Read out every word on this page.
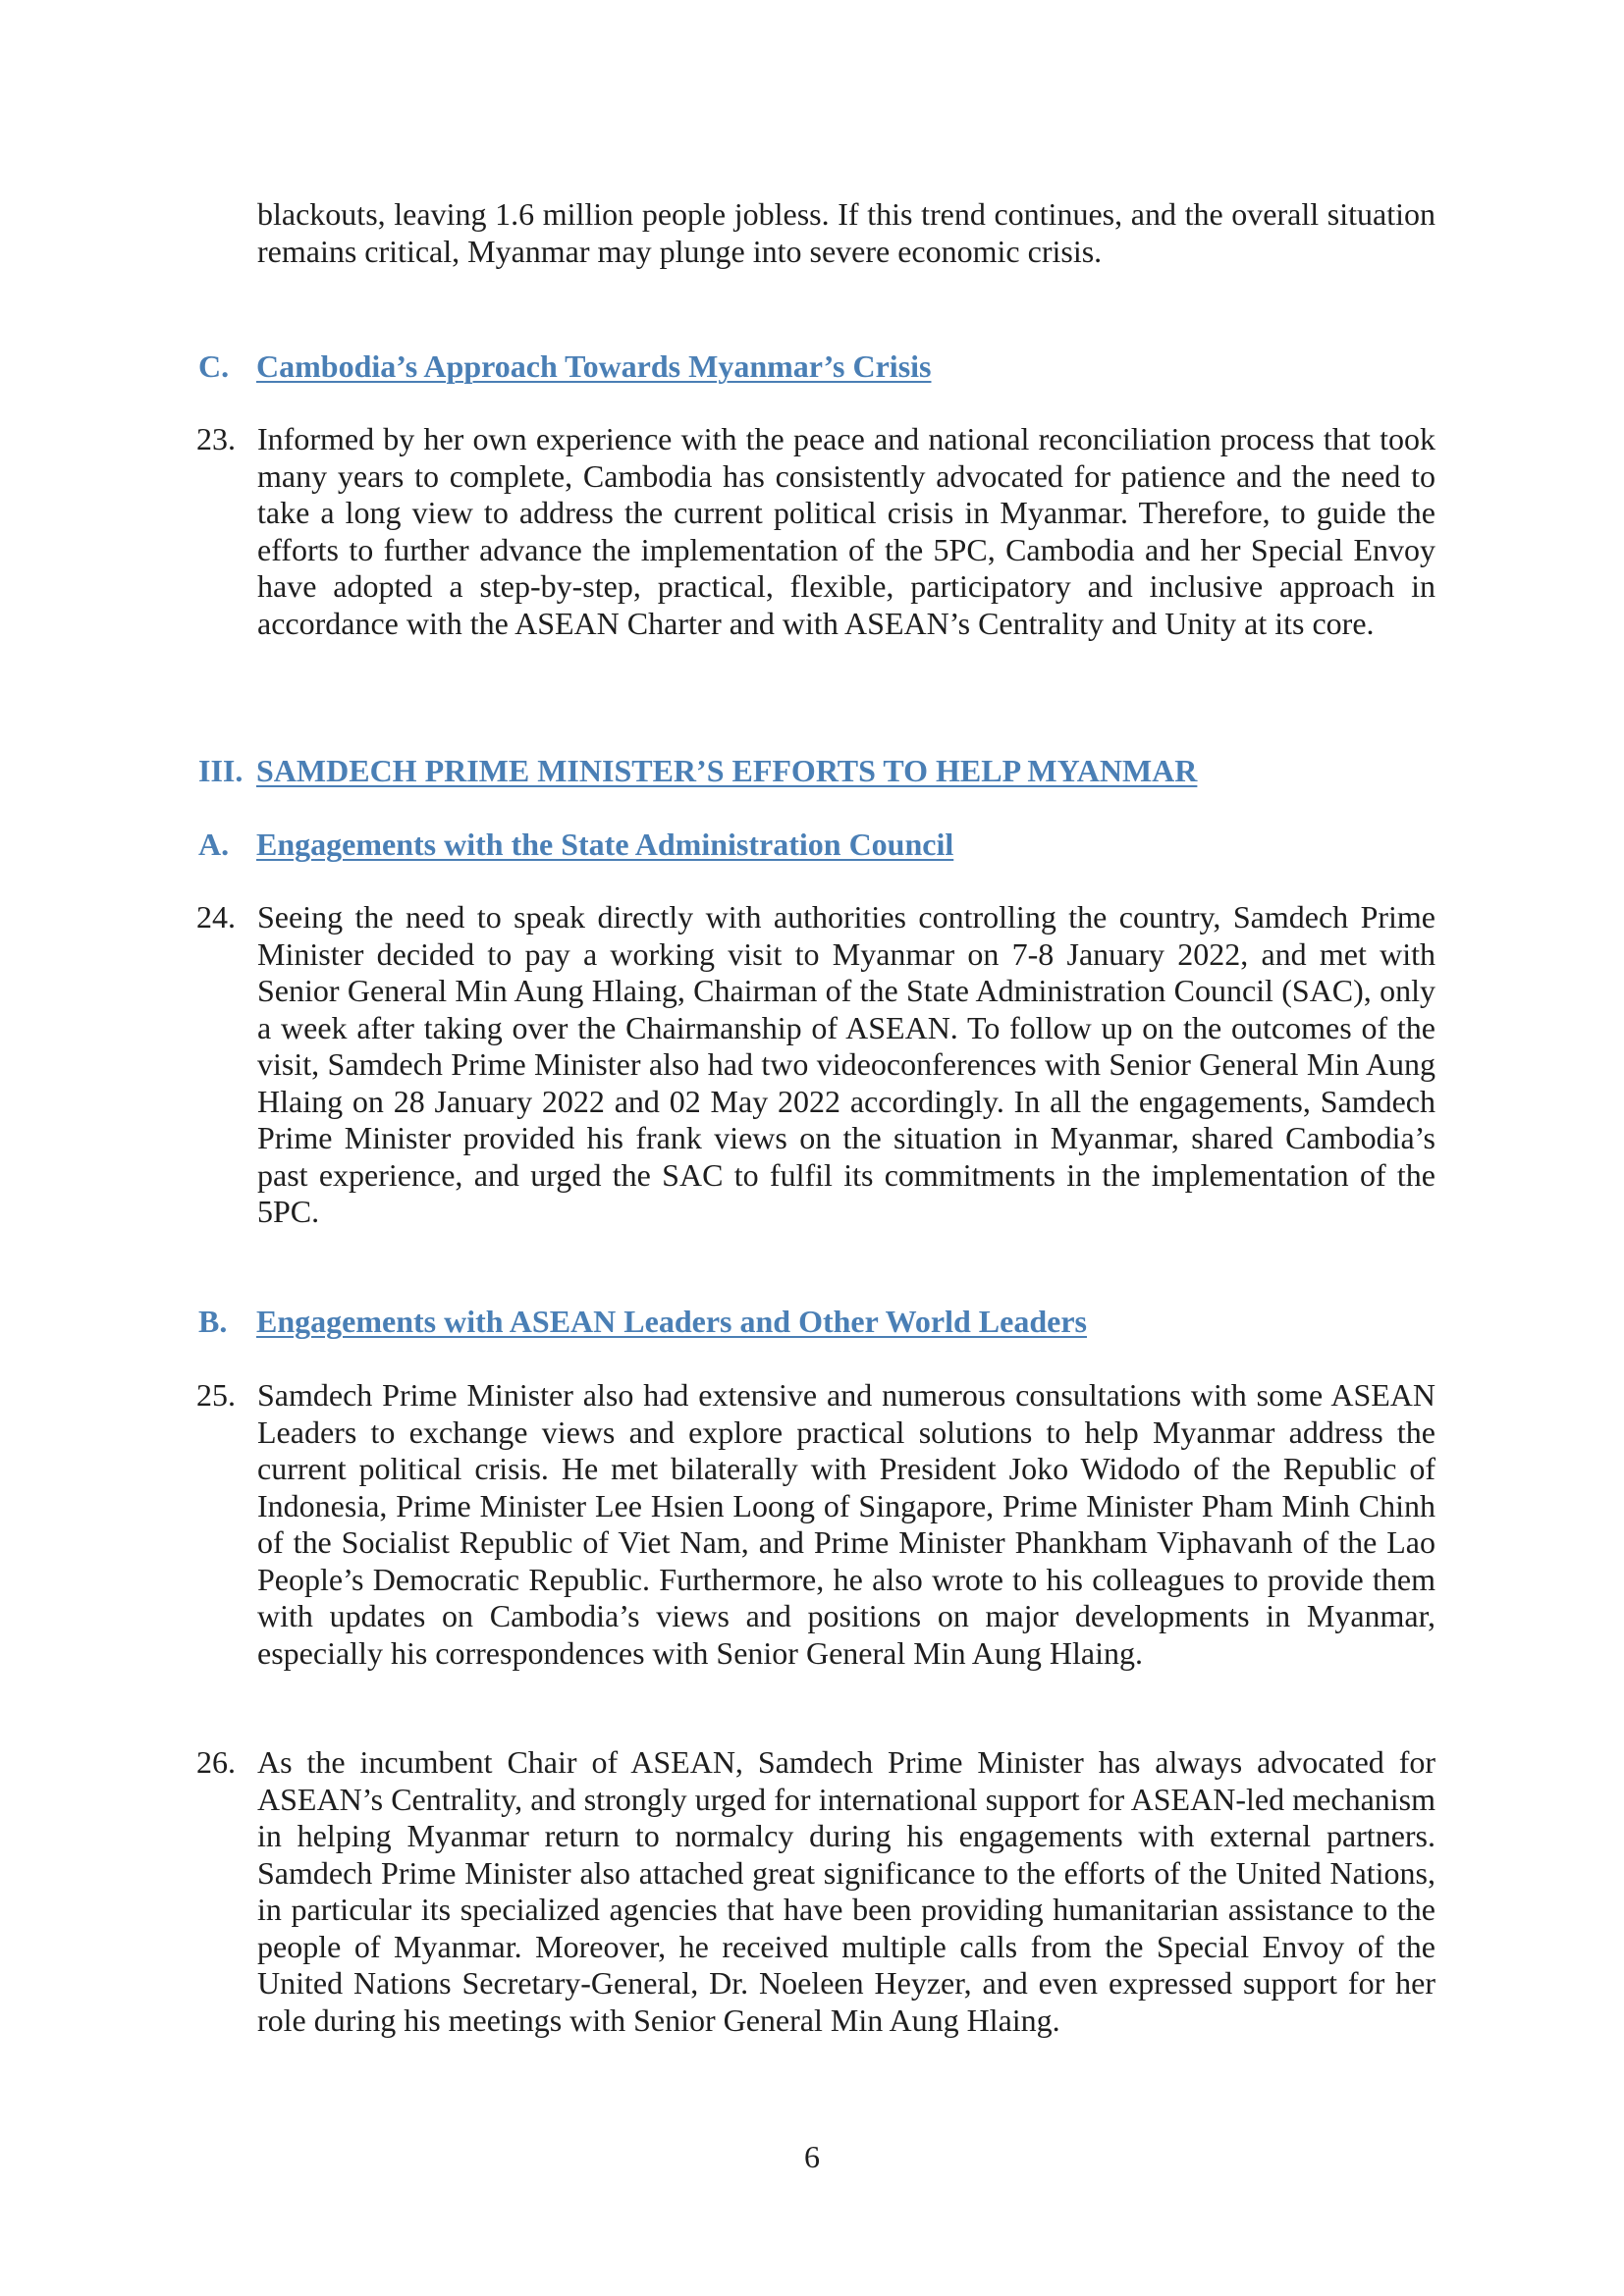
blackouts, leaving 1.6 million people jobless. If this trend continues, and the overall situation remains critical, Myanmar may plunge into severe economic crisis.

C. Cambodia’s Approach Towards Myanmar’s Crisis

23. Informed by her own experience with the peace and national reconciliation process that took many years to complete, Cambodia has consistently advocated for patience and the need to take a long view to address the current political crisis in Myanmar. Therefore, to guide the efforts to further advance the implementation of the 5PC, Cambodia and her Special Envoy have adopted a step-by-step, practical, flexible, participatory and inclusive approach in accordance with the ASEAN Charter and with ASEAN’s Centrality and Unity at its core.

III. SAMDECH PRIME MINISTER’S EFFORTS TO HELP MYANMAR
A. Engagements with the State Administration Council

24. Seeing the need to speak directly with authorities controlling the country, Samdech Prime Minister decided to pay a working visit to Myanmar on 7-8 January 2022, and met with Senior General Min Aung Hlaing, Chairman of the State Administration Council (SAC), only a week after taking over the Chairmanship of ASEAN. To follow up on the outcomes of the visit, Samdech Prime Minister also had two videoconferences with Senior General Min Aung Hlaing on 28 January 2022 and 02 May 2022 accordingly. In all the engagements, Samdech Prime Minister provided his frank views on the situation in Myanmar, shared Cambodia’s past experience, and urged the SAC to fulfil its commitments in the implementation of the 5PC.

B. Engagements with ASEAN Leaders and Other World Leaders

25. Samdech Prime Minister also had extensive and numerous consultations with some ASEAN Leaders to exchange views and explore practical solutions to help Myanmar address the current political crisis. He met bilaterally with President Joko Widodo of the Republic of Indonesia, Prime Minister Lee Hsien Loong of Singapore, Prime Minister Pham Minh Chinh of the Socialist Republic of Viet Nam, and Prime Minister Phankham Viphavanh of the Lao People’s Democratic Republic. Furthermore, he also wrote to his colleagues to provide them with updates on Cambodia’s views and positions on major developments in Myanmar, especially his correspondences with Senior General Min Aung Hlaing.

26. As the incumbent Chair of ASEAN, Samdech Prime Minister has always advocated for ASEAN’s Centrality, and strongly urged for international support for ASEAN-led mechanism in helping Myanmar return to normalcy during his engagements with external partners. Samdech Prime Minister also attached great significance to the efforts of the United Nations, in particular its specialized agencies that have been providing humanitarian assistance to the people of Myanmar. Moreover, he received multiple calls from the Special Envoy of the United Nations Secretary-General, Dr. Noeleen Heyzer, and even expressed support for her role during his meetings with Senior General Min Aung Hlaing.

6
